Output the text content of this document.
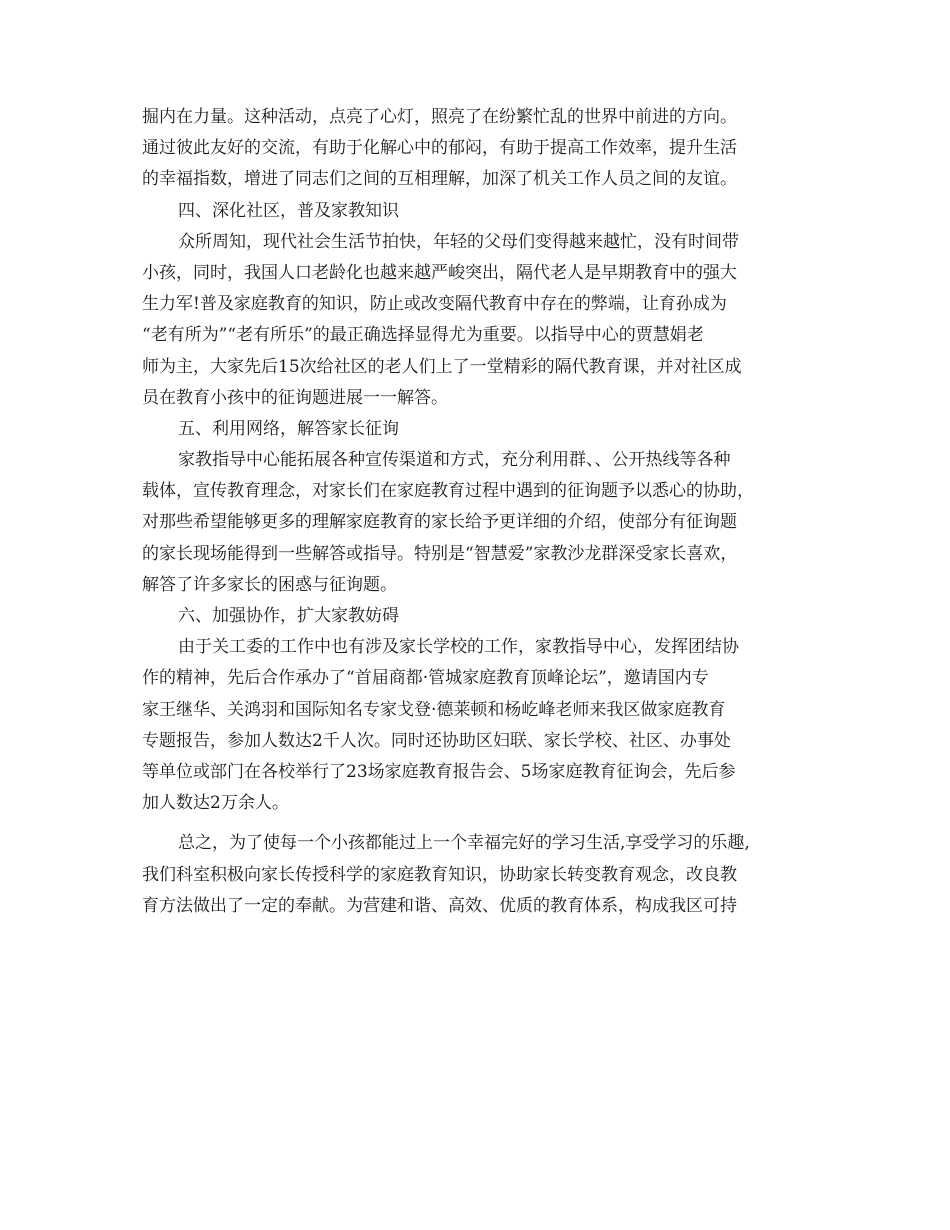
掘内在力量。这种活动，点亮了心灯，照亮了在纷繁忙乱的世界中前进的方向。
通过彼此友好的交流，有助于化解心中的郁闷，有助于提高工作效率，提升生活
的幸福指数，增进了同志们之间的互相理解，加深了机关工作人员之间的友谊。
四、深化社区，普及家教知识
众所周知，现代社会生活节拍快，年轻的父母们变得越来越忙，没有时间带
小孩，同时，我国人口老龄化也越来越严峻突出，隔代老人是早期教育中的强大
生力军!普及家庭教育的知识，防止或改变隔代教育中存在的弊端，让育孙成为
“老有所为”“老有所乐”的最正确选择显得尤为重要。以指导中心的贾慧娟老
师为主，大家先后15次给社区的老人们上了一堂精彩的隔代教育课，并对社区成
员在教育小孩中的征询题进展一一解答。
五、利用网络，解答家长征询
家教指导中心能拓展各种宣传渠道和方式，充分利用群、、公开热线等各种
载体，宣传教育理念，对家长们在家庭教育过程中遇到的征询题予以悉心的协助，
对那些希望能够更多的理解家庭教育的家长给予更详细的介绍，使部分有征询题
的家长现场能得到一些解答或指导。特别是“智慧爱”家教沙龙群深受家长喜欢，
解答了许多家长的困惑与征询题。
六、加强协作，扩大家教妨碍
由于关工委的工作中也有涉及家长学校的工作，家教指导中心，发挥团结协
作的精神，先后合作承办了“首届商都·管城家庭教育顶峰论坛”，邀请国内专
家王继华、关鸿羽和国际知名专家戈登·德莱顿和杨屹峰老师来我区做家庭教育
专题报告，参加人数达2千人次。同时还协助区妇联、家长学校、社区、办事处
等单位或部门在各校举行了23场家庭教育报告会、5场家庭教育征询会，先后参
加人数达2万余人。
总之，为了使每一个小孩都能过上一个幸福完好的学习生活,享受学习的乐趣,
我们科室积极向家长传授科学的家庭教育知识，协助家长转变教育观念，改良教
育方法做出了一定的奉献。为营建和谐、高效、优质的教育体系，构成我区可持
